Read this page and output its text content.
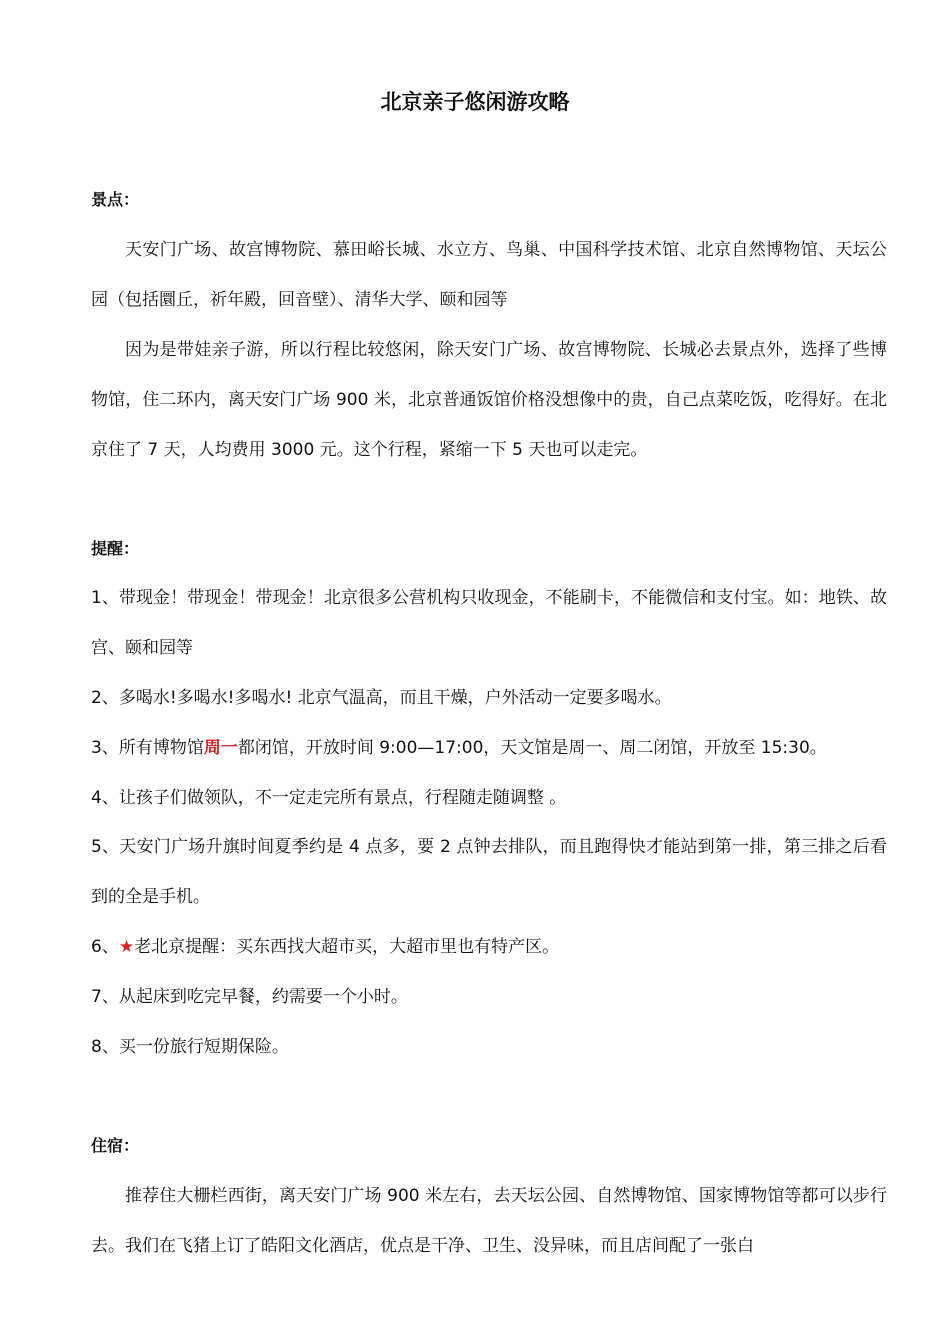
北京亲子悠闲游攻略
景点：
天安门广场、故宫博物院、慕田峪长城、水立方、鸟巢、中国科学技术馆、北京自然博物馆、天坛公园（包括圜丘，祈年殿，回音壁）、清华大学、颐和园等
因为是带娃亲子游，所以行程比较悠闲，除天安门广场、故宫博物院、长城必去景点外，选择了些博物馆，住二环内，离天安门广场 900 米，北京普通饭馆价格没想像中的贵，自己点菜吃饭，吃得好。在北京住了 7 天，人均费用 3000 元。这个行程，紧缩一下 5 天也可以走完。
提醒：
1、带现金！带现金！带现金！北京很多公营机构只收现金，不能刷卡，不能微信和支付宝。如：地铁、故宫、颐和园等
2、多喝水!多喝水!多喝水! 北京气温高，而且干燥，户外活动一定要多喝水。
3、所有博物馆周一都闭馆，开放时间 9:00—17:00，天文馆是周一、周二闭馆，开放至 15:30。
4、让孩子们做领队，不一定走完所有景点，行程随走随调整 。
5、天安门广场升旗时间夏季约是 4 点多，要 2 点钟去排队，而且跑得快才能站到第一排，第三排之后看到的全是手机。
6、★老北京提醒：买东西找大超市买，大超市里也有特产区。
7、从起床到吃完早餐，约需要一个小时。
8、买一份旅行短期保险。
住宿：
推荐住大栅栏西街，离天安门广场 900 米左右，去天坛公园、自然博物馆、国家博物馆等都可以步行去。我们在飞猪上订了皓阳文化酒店，优点是干净、卫生、没异味，而且店间配了一张白
